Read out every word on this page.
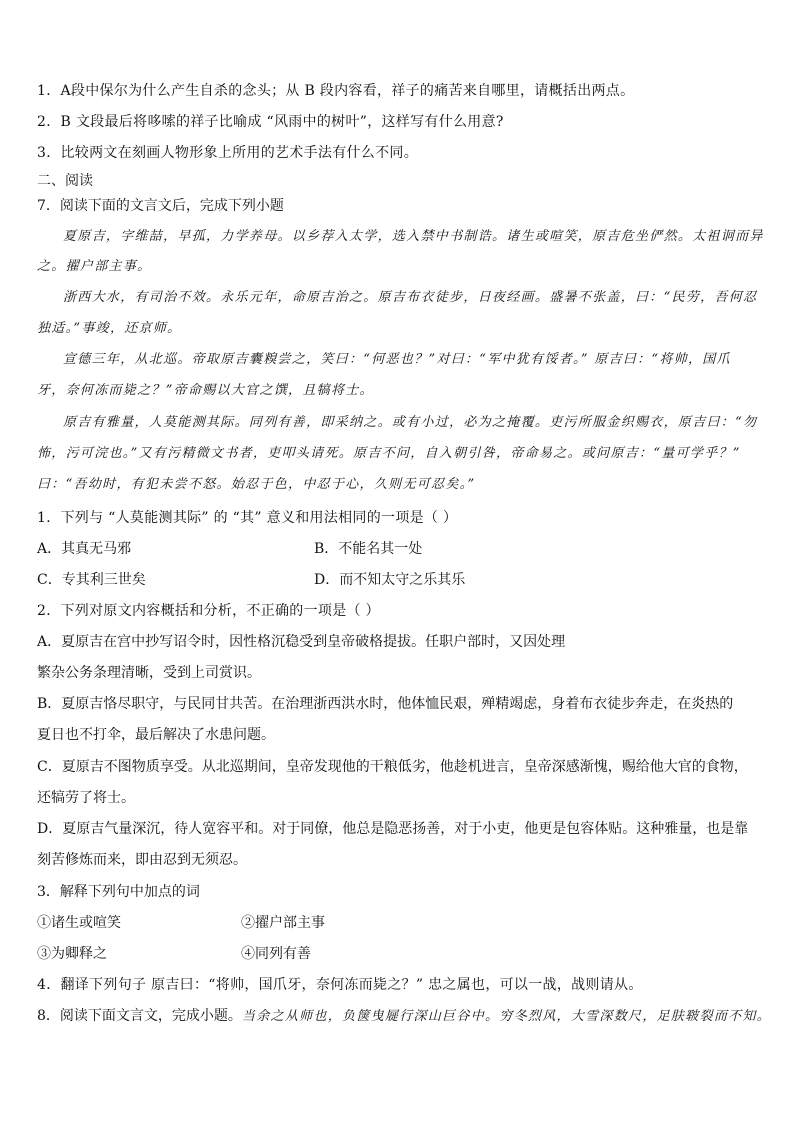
1．A段中保尔为什么产生自杀的念头；从 B 段内容看，祥子的痛苦来自哪里，请概括出两点。
2．B 文段最后将哆嗦的祥子比喻成 “风雨中的树叶”，这样写有什么用意?
3．比较两文在刻画人物形象上所用的艺术手法有什么不同。
二、阅读
7．阅读下面的文言文后，完成下列小题
夏原吉，字维喆，早孤，力学养母。以乡荐入太学，选入禁中书制诰。诸生或喧笑，原吉危坐俨然。太祖诇而异
之。擢户部主事。
浙西大水，有司治不效。永乐元年，命原吉治之。原吉布衣徒步，日夜经画。盛暑不张盖，曰：“民劳，吾何忍
独适。”事竣，还京师。
宣德三年，从北巡。帝取原吉囊糗尝之，笑曰：“何恶也？”对曰：“军中犹有馁者。” 原吉曰：“将帅，国爪
牙，奈何冻而毙之？”帝命赐以大官之馔，且犒将士。
原吉有雅量，人莫能测其际。同列有善，即采纳之。或有小过，必为之掩覆。吏污所服金织赐衣，原吉曰：“勿
怖，污可浣也。”又有污精微文书者，吏叩头请死。原吉不问，自入朝引咎，帝命易之。或问原吉：“量可学乎？”
曰：“吾幼时，有犯未尝不怒。始忍于色，中忍于心，久则无可忍矣。”
1．下列与 “人莫能测其际” 的 “其” 意义和用法相同的一项是（ ）
A．其真无马邪	B．不能名其一处
C．专其利三世矣	D．而不知太守之乐其乐
2．下列对原文内容概括和分析，不正确的一项是（ ）
A．夏原吉在宫中抄写诏令时，因性格沉稳受到皇帝破格提拔。任职户部时，又因处理
繁杂公务条理清晰，受到上司赏识。
B．夏原吉恪尽职守，与民同甘共苦。在治理浙西洪水时，他体恤民艰，殚精竭虑，身着布衣徒步奔走，在炎热的
夏日也不打伞，最后解决了水患问题。
C．夏原吉不图物质享受。从北巡期间，皇帝发现他的干粮低劣，他趁机进言，皇帝深感渐愧，赐给他大官的食物，
还犒劳了将士。
D．夏原吉气量深沉，待人宽容平和。对于同僚，他总是隐恶扬善，对于小吏，他更是包容体贴。这种雅量，也是靠
刻苦修炼而来，即由忍到无须忍。
3．解释下列句中加点的词
①诸生或喧笑	②擢户部主事
③为卿释之	④同列有善
4．翻译下列句子 原吉曰：“将帅，国爪牙，奈何冻而毙之？” 忠之属也，可以一战，战则请从。
8．阅读下面文言文，完成小题。当余之从师也，负箧曳屣行深山巨谷中。穷冬烈风，大雪深数尺，足肤皲裂而不知。
